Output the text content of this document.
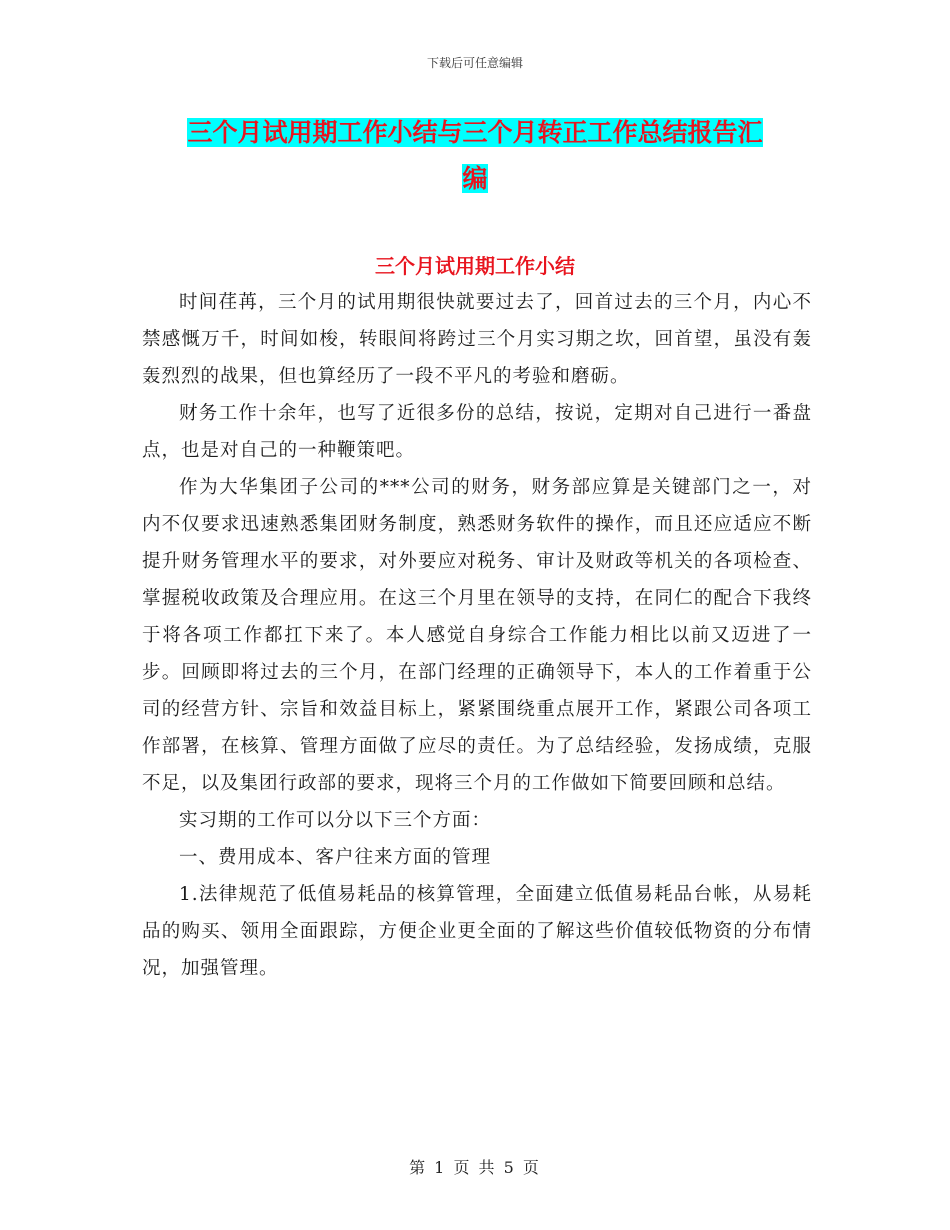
下载后可任意编辑
三个月试用期工作小结与三个月转正工作总结报告汇
编
三个月试用期工作小结

时间荏苒，三个月的试用期很快就要过去了，回首过去的三个月，内心不禁感慨万千，时间如梭，转眼间将跨过三个月实习期之坎，回首望，虽没有轰轰烈烈的战果，但也算经历了一段不平凡的考验和磨砺。

财务工作十余年，也写了近很多份的总结，按说，定期对自己进行一番盘点，也是对自己的一种鞭策吧。

作为大华集团子公司的***公司的财务，财务部应算是关键部门之一，对内不仅要求迅速熟悉集团财务制度，熟悉财务软件的操作，而且还应适应不断提升财务管理水平的要求，对外要应对税务、审计及财政等机关的各项检查、掌握税收政策及合理应用。在这三个月里在领导的支持，在同仁的配合下我终于将各项工作都扛下来了。本人感觉自身综合工作能力相比以前又迈进了一步。回顾即将过去的三个月，在部门经理的正确领导下，本人的工作着重于公司的经营方针、宗旨和效益目标上，紧紧围绕重点展开工作，紧跟公司各项工作部署，在核算、管理方面做了应尽的责任。为了总结经验，发扬成绩，克服不足，以及集团行政部的要求，现将三个月的工作做如下简要回顾和总结。

实习期的工作可以分以下三个方面：

一、费用成本、客户往来方面的管理

1.法律规范了低值易耗品的核算管理，全面建立低值易耗品台帐，从易耗品的购买、领用全面跟踪，方便企业更全面的了解这些价值较低物资的分布情况，加强管理。

第 1 页 共 5 页
